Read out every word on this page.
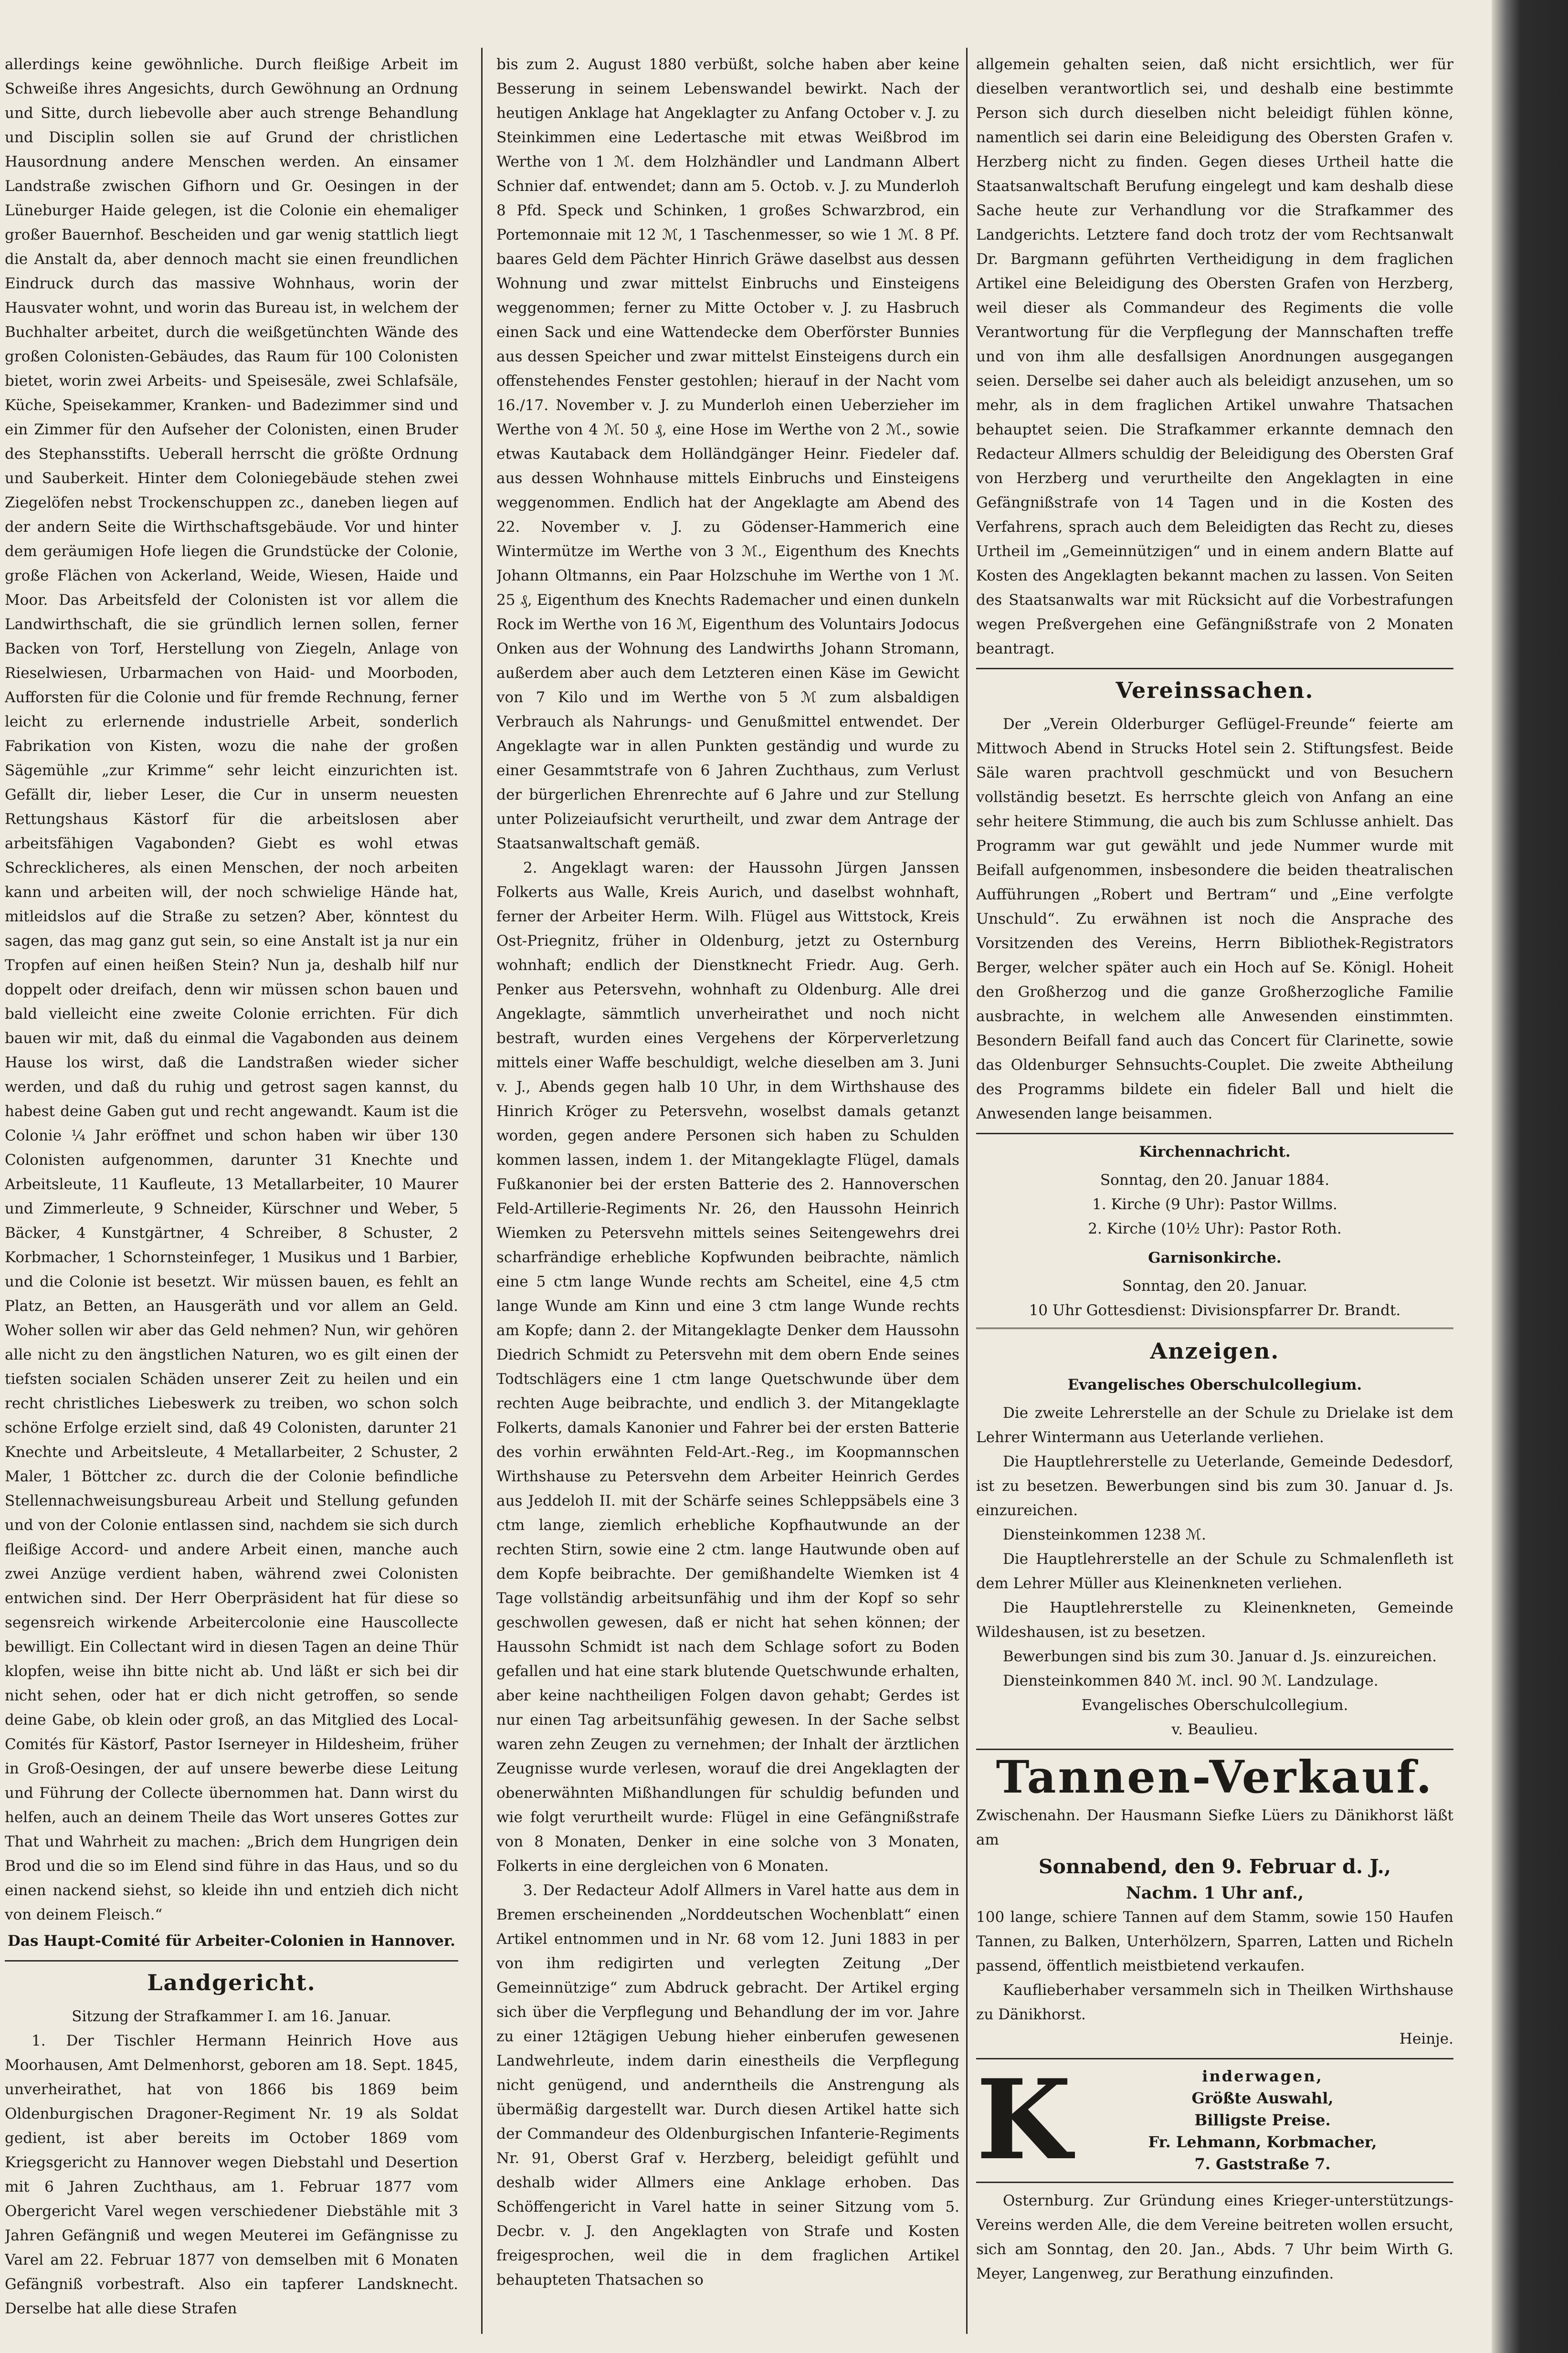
allerdings keine gewöhnliche. Durch fleißige Arbeit im Schweiße ihres Angesichts, durch Gewöhnung an Ordnung und Sitte, durch liebevolle aber auch strenge Behandlung und Disciplin sollen sie auf Grund der christlichen Hausordnung andere Menschen werden. An einsamer Landstraße zwischen Gifhorn und Gr. Oesingen in der Lüneburger Haide gelegen, ist die Colonie ein ehemaliger großer Bauernhof. Bescheiden und gar wenig stattlich liegt die Anstalt da, aber dennoch macht sie einen freundlichen Eindruck durch das massive Wohnhaus, worin der Hausvater wohnt, und worin das Bureau ist, in welchem der Buchhalter arbeitet, durch die weißgetünchten Wände des großen Colonisten-Gebäudes, das Raum für 100 Colonisten bietet, worin zwei Arbeits- und Speisesäle, zwei Schlafsäle, Küche, Speisekammer, Kranken- und Badezimmer sind und ein Zimmer für den Aufseher der Colonisten, einen Bruder des Stephansstifts. Ueberall herrscht die größte Ordnung und Sauberkeit. Hinter dem Coloniegebäude stehen zwei Ziegelöfen nebst Trockenschuppen zc., daneben liegen auf der andern Seite die Wirthschaftsgebäude. Vor und hinter dem geräumigen Hofe liegen die Grundstücke der Colonie, große Flächen von Ackerland, Weide, Wiesen, Haide und Moor. Das Arbeitsfeld der Colonisten ist vor allem die Landwirthschaft, die sie gründlich lernen sollen, ferner Backen von Torf, Herstellung von Ziegeln, Anlage von Rieselwiesen, Urbarmachen von Haid- und Moorboden, Aufforsten für die Colonie und für fremde Rechnung, ferner leicht zu erlernende industrielle Arbeit, sonderlich Fabrikation von Kisten, wozu die nahe der großen Sägemühle „zur Krimme“ sehr leicht einzurichten ist. Gefällt dir, lieber Leser, die Cur in unserm neuesten Rettungshaus Kästorf für die arbeitslosen aber arbeitsfähigen Vagabonden? Giebt es wohl etwas Schrecklicheres, als einen Menschen, der noch arbeiten kann und arbeiten will, der noch schwielige Hände hat, mitleidslos auf die Straße zu setzen? Aber, könntest du sagen, das mag ganz gut sein, so eine Anstalt ist ja nur ein Tropfen auf einen heißen Stein? Nun ja, deshalb hilf nur doppelt oder dreifach, denn wir müssen schon bauen und bald vielleicht eine zweite Colonie errichten. Für dich bauen wir mit, daß du einmal die Vagabonden aus deinem Hause los wirst, daß die Landstraßen wieder sicher werden, und daß du ruhig und getrost sagen kannst, du habest deine Gaben gut und recht angewandt. Kaum ist die Colonie ¼ Jahr eröffnet und schon haben wir über 130 Colonisten aufgenommen, darunter 31 Knechte und Arbeitsleute, 11 Kaufleute, 13 Metallarbeiter, 10 Maurer und Zimmerleute, 9 Schneider, Kürschner und Weber, 5 Bäcker, 4 Kunstgärtner, 4 Schreiber, 8 Schuster, 2 Korbmacher, 1 Schornsteinfeger, 1 Musikus und 1 Barbier, und die Colonie ist besetzt. Wir müssen bauen, es fehlt an Platz, an Betten, an Hausgeräth und vor allem an Geld. Woher sollen wir aber das Geld nehmen? Nun, wir gehören alle nicht zu den ängstlichen Naturen, wo es gilt einen der tiefsten socialen Schäden unserer Zeit zu heilen und ein recht christliches Liebeswerk zu treiben, wo schon solch schöne Erfolge erzielt sind, daß 49 Colonisten, darunter 21 Knechte und Arbeitsleute, 4 Metallarbeiter, 2 Schuster, 2 Maler, 1 Böttcher zc. durch die der Colonie befindliche Stellennachweisungsbureau Arbeit und Stellung gefunden und von der Colonie entlassen sind, nachdem sie sich durch fleißige Accord- und andere Arbeit einen, manche auch zwei Anzüge verdient haben, während zwei Colonisten entwichen sind. Der Herr Oberpräsident hat für diese so segensreich wirkende Arbeitercolonie eine Hauscollecte bewilligt. Ein Collectant wird in diesen Tagen an deine Thür klopfen, weise ihn bitte nicht ab. Und läßt er sich bei dir nicht sehen, oder hat er dich nicht getroffen, so sende deine Gabe, ob klein oder groß, an das Mitglied des Local-Comités für Kästorf, Pastor Iserneyer in Hildesheim, früher in Groß-Oesingen, der auf unsere bewerbe diese Leitung und Führung der Collecte übernommen hat. Dann wirst du helfen, auch an deinem Theile das Wort unseres Gottes zur That und Wahrheit zu machen: „Brich dem Hungrigen dein Brod und die so im Elend sind führe in das Haus, und so du einen nackend siehst, so kleide ihn und entzieh dich nicht von deinem Fleisch.“

Das Haupt-Comité für Arbeiter-Colonien in Hannover.
Landgericht.
Sitzung der Strafkammer I. am 16. Januar.

1. Der Tischler Hermann Heinrich Hove aus Moorhausen, Amt Delmenhorst, geboren am 18. Sept. 1845, unverheirathet, hat von 1866 bis 1869 beim Oldenburgischen Dragoner-Regiment Nr. 19 als Soldat gedient, ist aber bereits im October 1869 vom Kriegsgericht zu Hannover wegen Diebstahl und Desertion mit 6 Jahren Zuchthaus, am 1. Februar 1877 vom Obergericht Varel wegen verschiedener Diebstähle mit 3 Jahren Gefängniß und wegen Meuterei im Gefängnisse zu Varel am 22. Februar 1877 von demselben mit 6 Monaten Gefängniß vorbestraft. Also ein tapferer Landsknecht. Derselbe hat alle diese Strafen

bis zum 2. August 1880 verbüßt, solche haben aber keine Besserung in seinem Lebenswandel bewirkt. Nach der heutigen Anklage hat Angeklagter zu Anfang October v. J. zu Steinkimmen eine Ledertasche mit etwas Weißbrod im Werthe von 1 ℳ. dem Holzhändler und Landmann Albert Schnier daf. entwendet; dann am 5. Octob. v. J. zu Munderloh 8 Pfd. Speck und Schinken, 1 großes Schwarzbrod, ein Portemonnaie mit 12 ℳ, 1 Taschenmesser, so wie 1 ℳ. 8 Pf. baares Geld dem Pächter Hinrich Gräwe daselbst aus dessen Wohnung und zwar mittelst Einbruchs und Einsteigens weggenommen; ferner zu Mitte October v. J. zu Hasbruch einen Sack und eine Wattendecke dem Oberförster Bunnies aus dessen Speicher und zwar mittelst Einsteigens durch ein offenstehendes Fenster gestohlen; hierauf in der Nacht vom 16./17. November v. J. zu Munderloh einen Ueberzieher im Werthe von 4 ℳ. 50 ₰, eine Hose im Werthe von 2 ℳ., sowie etwas Kautaback dem Holländgänger Heinr. Fiedeler daf. aus dessen Wohnhause mittels Einbruchs und Einsteigens weggenommen. Endlich hat der Angeklagte am Abend des 22. November v. J. zu Gödenser-Hammerich eine Wintermütze im Werthe von 3 ℳ., Eigenthum des Knechts Johann Oltmanns, ein Paar Holzschuhe im Werthe von 1 ℳ. 25 ₰, Eigenthum des Knechts Rademacher und einen dunkeln Rock im Werthe von 16 ℳ, Eigenthum des Voluntairs Jodocus Onken aus der Wohnung des Landwirths Johann Stromann, außerdem aber auch dem Letzteren einen Käse im Gewicht von 7 Kilo und im Werthe von 5 ℳ zum alsbaldigen Verbrauch als Nahrungs- und Genußmittel entwendet. Der Angeklagte war in allen Punkten geständig und wurde zu einer Gesammtstrafe von 6 Jahren Zuchthaus, zum Verlust der bürgerlichen Ehrenrechte auf 6 Jahre und zur Stellung unter Polizeiaufsicht verurtheilt, und zwar dem Antrage der Staatsanwaltschaft gemäß.

2. Angeklagt waren: der Haussohn Jürgen Janssen Folkerts aus Walle, Kreis Aurich, und daselbst wohnhaft, ferner der Arbeiter Herm. Wilh. Flügel aus Wittstock, Kreis Ost-Priegnitz, früher in Oldenburg, jetzt zu Osternburg wohnhaft; endlich der Dienstknecht Friedr. Aug. Gerh. Penker aus Petersvehn, wohnhaft zu Oldenburg. Alle drei Angeklagte, sämmtlich unverheirathet und noch nicht bestraft, wurden eines Vergehens der Körperverletzung mittels einer Waffe beschuldigt, welche dieselben am 3. Juni v. J., Abends gegen halb 10 Uhr, in dem Wirthshause des Hinrich Kröger zu Petersvehn, woselbst damals getanzt worden, gegen andere Personen sich haben zu Schulden kommen lassen, indem 1. der Mitangeklagte Flügel, damals Fußkanonier bei der ersten Batterie des 2. Hannoverschen Feld-Artillerie-Regiments Nr. 26, den Haussohn Heinrich Wiemken zu Petersvehn mittels seines Seitengewehrs drei scharfrändige erhebliche Kopfwunden beibrachte, nämlich eine 5 ctm lange Wunde rechts am Scheitel, eine 4,5 ctm lange Wunde am Kinn und eine 3 ctm lange Wunde rechts am Kopfe; dann 2. der Mitangeklagte Denker dem Haussohn Diedrich Schmidt zu Petersvehn mit dem obern Ende seines Todtschlägers eine 1 ctm lange Quetschwunde über dem rechten Auge beibrachte, und endlich 3. der Mitangeklagte Folkerts, damals Kanonier und Fahrer bei der ersten Batterie des vorhin erwähnten Feld-Art.-Reg., im Koopmannschen Wirthshause zu Petersvehn dem Arbeiter Heinrich Gerdes aus Jeddeloh II. mit der Schärfe seines Schleppsäbels eine 3 ctm lange, ziemlich erhebliche Kopfhautwunde an der rechten Stirn, sowie eine 2 ctm. lange Hautwunde oben auf dem Kopfe beibrachte. Der gemißhandelte Wiemken ist 4 Tage vollständig arbeitsunfähig und ihm der Kopf so sehr geschwollen gewesen, daß er nicht hat sehen können; der Haussohn Schmidt ist nach dem Schlage sofort zu Boden gefallen und hat eine stark blutende Quetschwunde erhalten, aber keine nachtheiligen Folgen davon gehabt; Gerdes ist nur einen Tag arbeitsunfähig gewesen. In der Sache selbst waren zehn Zeugen zu vernehmen; der Inhalt der ärztlichen Zeugnisse wurde verlesen, worauf die drei Angeklagten der obenerwähnten Mißhandlungen für schuldig befunden und wie folgt verurtheilt wurde: Flügel in eine Gefängnißstrafe von 8 Monaten, Denker in eine solche von 3 Monaten, Folkerts in eine dergleichen von 6 Monaten.

3. Der Redacteur Adolf Allmers in Varel hatte aus dem in Bremen erscheinenden „Norddeutschen Wochenblatt“ einen Artikel entnommen und in Nr. 68 vom 12. Juni 1883 in per von ihm redigirten und verlegten Zeitung „Der Gemeinnützige“ zum Abdruck gebracht. Der Artikel erging sich über die Verpflegung und Behandlung der im vor. Jahre zu einer 12tägigen Uebung hieher einberufen gewesenen Landwehrleute, indem darin einestheils die Verpflegung nicht genügend, und anderntheils die Anstrengung als übermäßig dargestellt war. Durch diesen Artikel hatte sich der Commandeur des Oldenburgischen Infanterie-Regiments Nr. 91, Oberst Graf v. Herzberg, beleidigt gefühlt und deshalb wider Allmers eine Anklage erhoben. Das Schöffengericht in Varel hatte in seiner Sitzung vom 5. Decbr. v. J. den Angeklagten von Strafe und Kosten freigesprochen, weil die in dem fraglichen Artikel behaupteten Thatsachen so

allgemein gehalten seien, daß nicht ersichtlich, wer für dieselben verantwortlich sei, und deshalb eine bestimmte Person sich durch dieselben nicht beleidigt fühlen könne, namentlich sei darin eine Beleidigung des Obersten Grafen v. Herzberg nicht zu finden. Gegen dieses Urtheil hatte die Staatsanwaltschaft Berufung eingelegt und kam deshalb diese Sache heute zur Verhandlung vor die Strafkammer des Landgerichts. Letztere fand doch trotz der vom Rechtsanwalt Dr. Bargmann geführten Vertheidigung in dem fraglichen Artikel eine Beleidigung des Obersten Grafen von Herzberg, weil dieser als Commandeur des Regiments die volle Verantwortung für die Verpflegung der Mannschaften treffe und von ihm alle desfallsigen Anordnungen ausgegangen seien. Derselbe sei daher auch als beleidigt anzusehen, um so mehr, als in dem fraglichen Artikel unwahre Thatsachen behauptet seien. Die Strafkammer erkannte demnach den Redacteur Allmers schuldig der Beleidigung des Obersten Graf von Herzberg und verurtheilte den Angeklagten in eine Gefängnißstrafe von 14 Tagen und in die Kosten des Verfahrens, sprach auch dem Beleidigten das Recht zu, dieses Urtheil im „Gemeinnützigen“ und in einem andern Blatte auf Kosten des Angeklagten bekannt machen zu lassen. Von Seiten des Staatsanwalts war mit Rücksicht auf die Vorbestrafungen wegen Preßvergehen eine Gefängnißstrafe von 2 Monaten beantragt.

Vereinssachen.

Der „Verein Olderburger Geflügel-Freunde“ feierte am Mittwoch Abend in Strucks Hotel sein 2. Stiftungsfest. Beide Säle waren prachtvoll geschmückt und von Besuchern vollständig besetzt. Es herrschte gleich von Anfang an eine sehr heitere Stimmung, die auch bis zum Schlusse anhielt. Das Programm war gut gewählt und jede Nummer wurde mit Beifall aufgenommen, insbesondere die beiden theatralischen Aufführungen „Robert und Bertram“ und „Eine verfolgte Unschuld“. Zu erwähnen ist noch die Ansprache des Vorsitzenden des Vereins, Herrn Bibliothek-Registrators Berger, welcher später auch ein Hoch auf Se. Königl. Hoheit den Großherzog und die ganze Großherzogliche Familie ausbrachte, in welchem alle Anwesenden einstimmten. Besondern Beifall fand auch das Concert für Clarinette, sowie das Oldenburger Sehnsuchts-Couplet. Die zweite Abtheilung des Programms bildete ein fideler Ball und hielt die Anwesenden lange beisammen.

Kirchennachricht.
Sonntag, den 20. Januar 1884.
1. Kirche (9 Uhr): Pastor Willms.
2. Kirche (10½ Uhr): Pastor Roth.
Garnisonkirche.
Sonntag, den 20. Januar.
10 Uhr Gottesdienst: Divisionspfarrer Dr. Brandt.
Anzeigen.
Evangelisches Oberschulcollegium.

Die zweite Lehrerstelle an der Schule zu Drielake ist dem Lehrer Wintermann aus Ueterlande verliehen.

Die Hauptlehrerstelle zu Ueterlande, Gemeinde Dedesdorf, ist zu besetzen. Bewerbungen sind bis zum 30. Januar d. Js. einzureichen.

Diensteinkommen 1238 ℳ.

Die Hauptlehrerstelle an der Schule zu Schmalenfleth ist dem Lehrer Müller aus Kleinenkneten verliehen.

Die Hauptlehrerstelle zu Kleinenkneten, Gemeinde Wildeshausen, ist zu besetzen.

Bewerbungen sind bis zum 30. Januar d. Js. einzureichen.

Diensteinkommen 840 ℳ. incl. 90 ℳ. Landzulage.

Evangelisches Oberschulcollegium.
v. Beaulieu.
Tannen-Verkauf.

Zwischenahn. Der Hausmann Siefke Lüers zu Dänikhorst läßt am

Sonnabend, den 9. Februar d. J.,
Nachm. 1 Uhr anf.,

100 lange, schiere Tannen auf dem Stamm, sowie 150 Haufen Tannen, zu Balken, Unterhölzern, Sparren, Latten und Richeln passend, öffentlich meistbietend verkaufen.

Kauflieberhaber versammeln sich in Theilken Wirthshause zu Dänikhorst.

Heinje.
K	inderwagen,
Größte Auswahl,
Billigste Preise.
Fr. Lehmann, Korbmacher,
7. Gaststraße 7.

Osternburg. Zur Gründung eines Krieger-unterstützungs-Vereins werden Alle, die dem Vereine beitreten wollen ersucht, sich am Sonntag, den 20. Jan., Abds. 7 Uhr beim Wirth G. Meyer, Langenweg, zur Berathung einzufinden.
